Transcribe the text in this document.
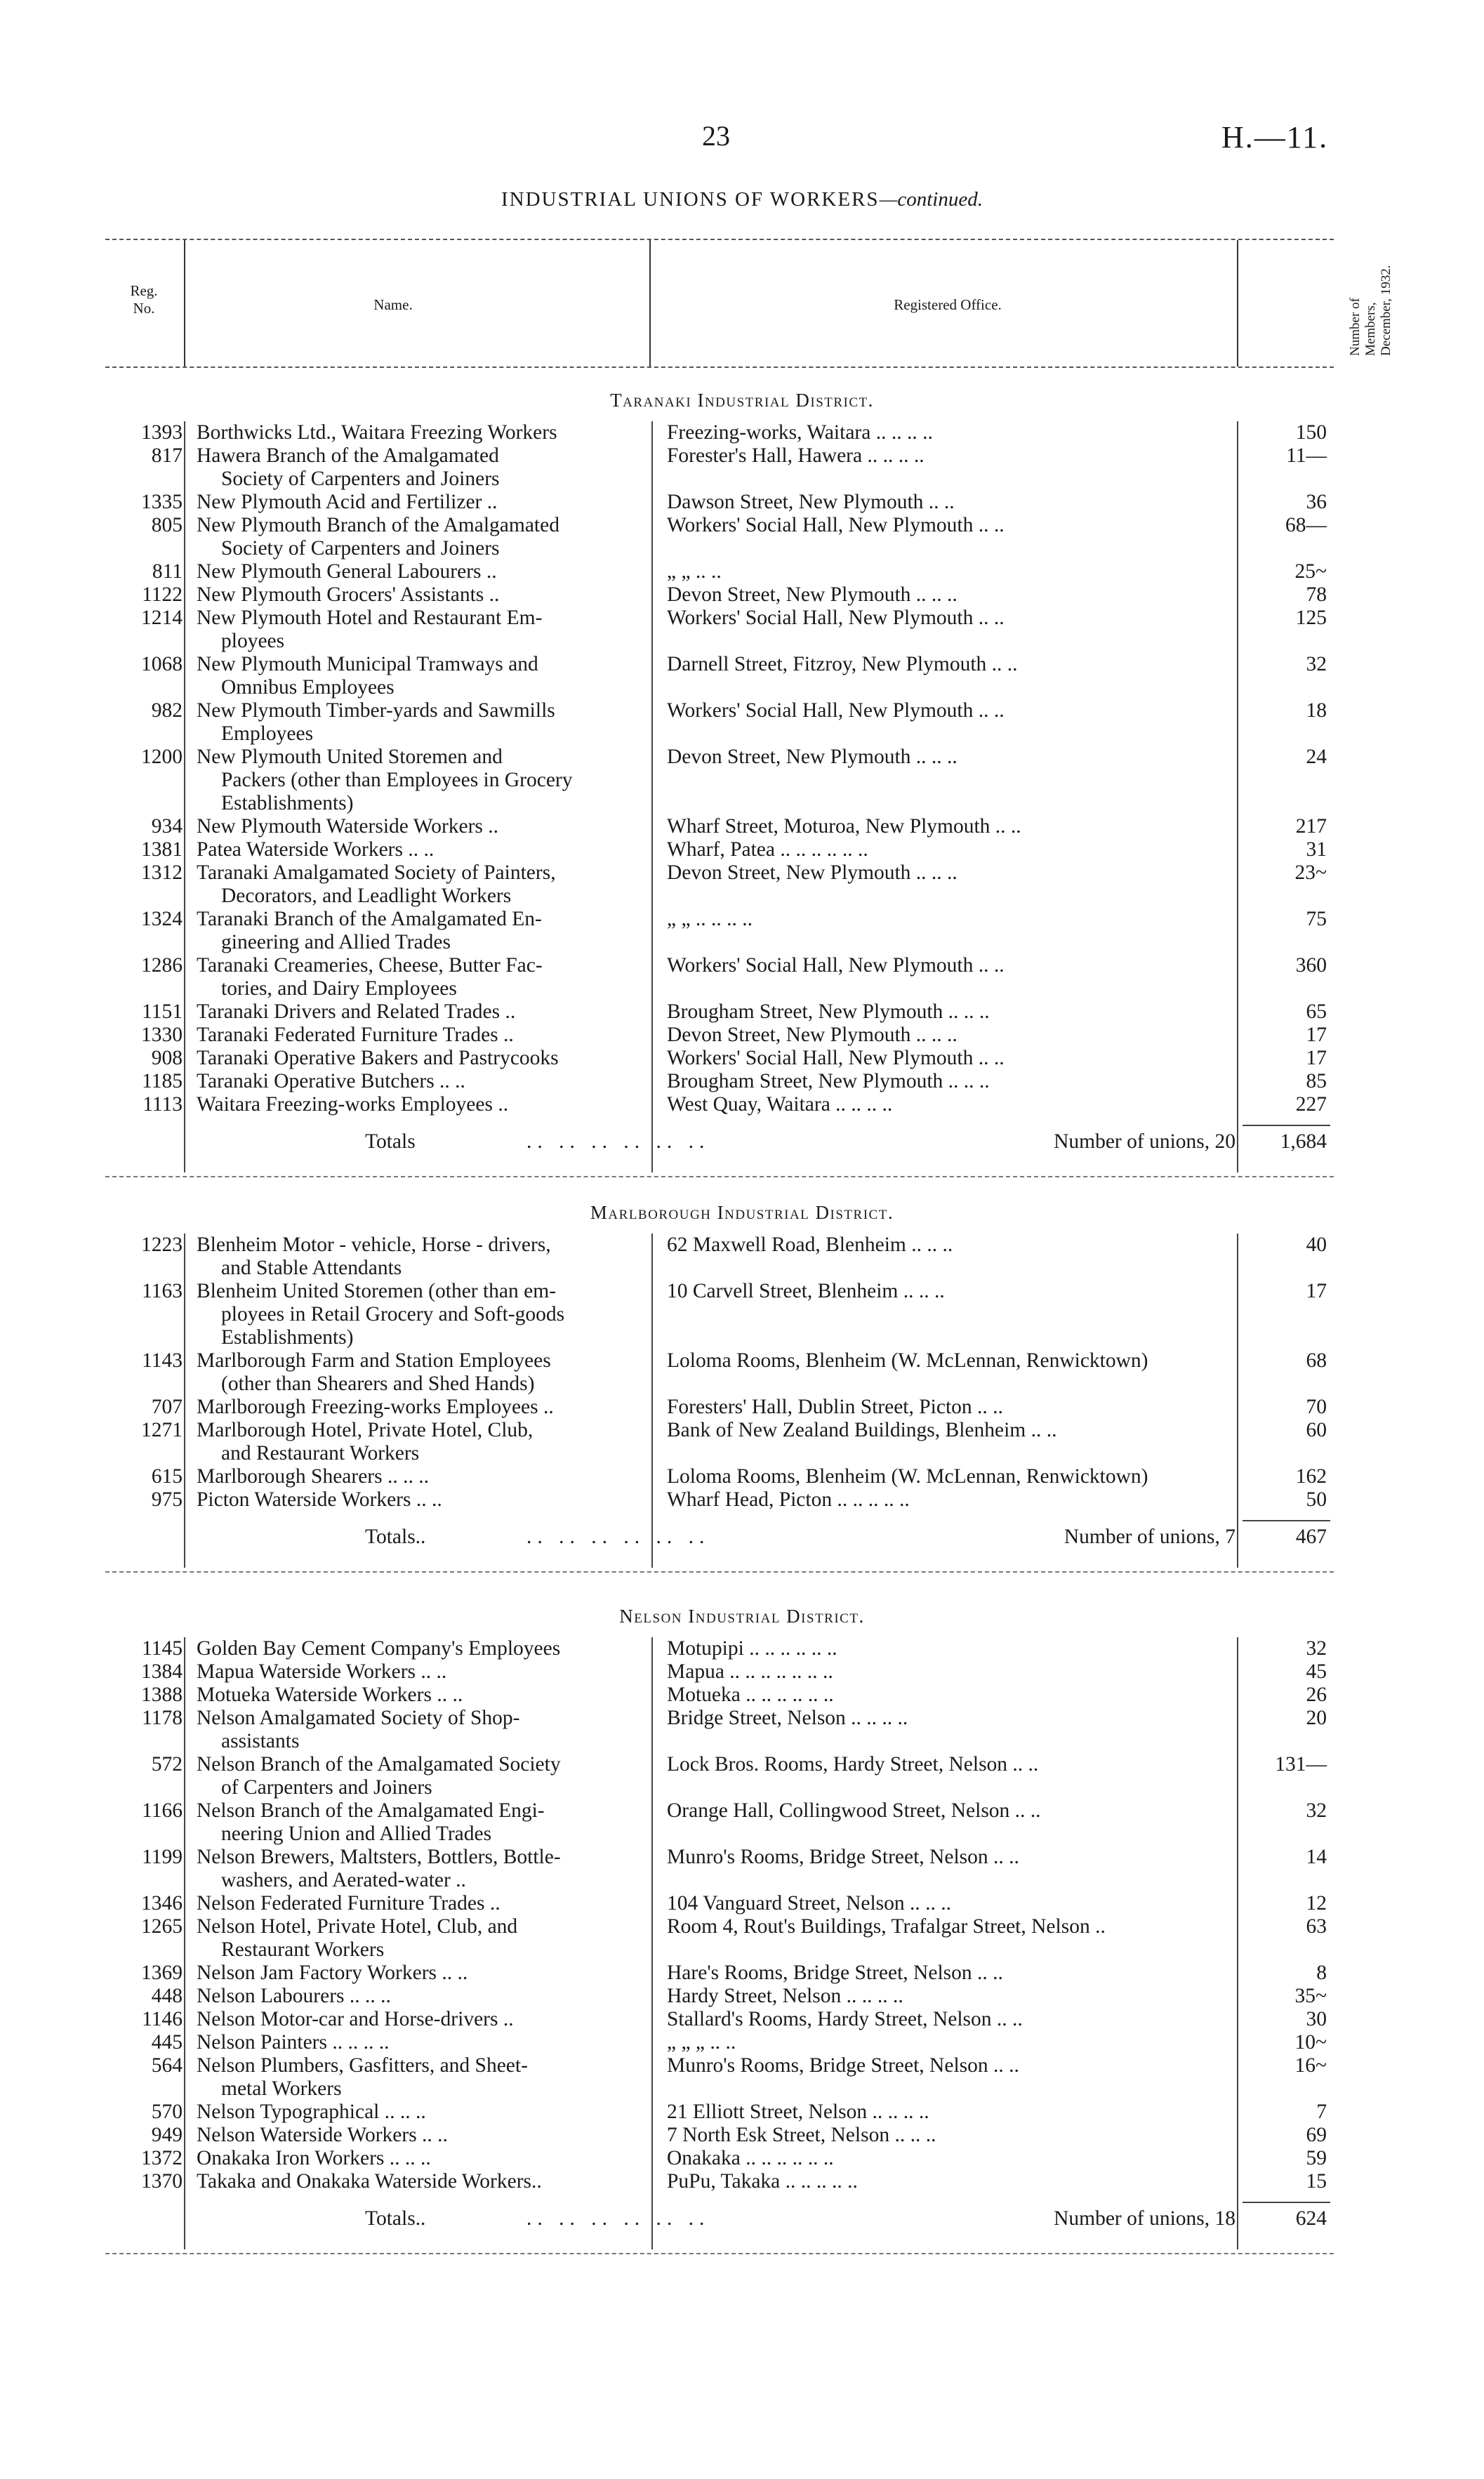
23	H.—11.
INDUSTRIAL UNIONS OF WORKERS—continued.
Reg. No.	Name.	Registered Office.	Number of Members, December, 1932.
Taranaki Industrial District.
1393 Borthwicks Ltd., Waitara Freezing Workers	Freezing-works, Waitara .. .. .. ..	150
817 Hawera Branch of the Amalgamated
Society of Carpenters and Joiners
Forester's Hall, Hawera .. .. .. ..	11—
1335 New Plymouth Acid and Fertilizer ..	Dawson Street, New Plymouth .. ..	36
805 New Plymouth Branch of the Amalgamated
Society of Carpenters and Joiners
Workers' Social Hall, New Plymouth .. ..	68—
811 New Plymouth General Labourers ..	„ „ .. ..	25~
1122 New Plymouth Grocers' Assistants ..	Devon Street, New Plymouth .. .. ..	78
1214 New Plymouth Hotel and Restaurant Em-
ployees
Workers' Social Hall, New Plymouth .. ..	125
1068 New Plymouth Municipal Tramways and
Omnibus Employees
Darnell Street, Fitzroy, New Plymouth .. ..	32
982 New Plymouth Timber-yards and Sawmills
Employees
Workers' Social Hall, New Plymouth .. ..	18
1200 New Plymouth United Storemen and
Packers (other than Employees in Grocery
Establishments)
Devon Street, New Plymouth .. .. ..	24
934 New Plymouth Waterside Workers ..	Wharf Street, Moturoa, New Plymouth .. ..	217
1381 Patea Waterside Workers .. ..	Wharf, Patea .. .. .. .. .. ..	31
1312 Taranaki Amalgamated Society of Painters,
Decorators, and Leadlight Workers
Devon Street, New Plymouth .. .. ..	23~
1324 Taranaki Branch of the Amalgamated En-
gineering and Allied Trades
„ „ .. .. .. ..	75
1286 Taranaki Creameries, Cheese, Butter Fac-
tories, and Dairy Employees
Workers' Social Hall, New Plymouth .. ..	360
1151 Taranaki Drivers and Related Trades ..	Brougham Street, New Plymouth .. .. ..	65
1330 Taranaki Federated Furniture Trades ..	Devon Street, New Plymouth .. .. ..	17
908 Taranaki Operative Bakers and Pastrycooks	Workers' Social Hall, New Plymouth .. ..	17
1185 Taranaki Operative Butchers .. ..	Brougham Street, New Plymouth .. .. ..	85
1113 Waitara Freezing-works Employees ..	West Quay, Waitara .. .. .. ..	227
Totals	.. .. .. .. .. ..	Number of unions, 20	1,684
Marlborough Industrial District.
1223 Blenheim Motor - vehicle, Horse - drivers,
and Stable Attendants
62 Maxwell Road, Blenheim .. .. ..	40
1163 Blenheim United Storemen (other than em-
ployees in Retail Grocery and Soft-goods
Establishments)
10 Carvell Street, Blenheim .. .. ..	17
1143 Marlborough Farm and Station Employees
(other than Shearers and Shed Hands)
Loloma Rooms, Blenheim (W. McLennan, Renwicktown)	68
707 Marlborough Freezing-works Employees ..	Foresters' Hall, Dublin Street, Picton .. ..	70
1271 Marlborough Hotel, Private Hotel, Club,
and Restaurant Workers
Bank of New Zealand Buildings, Blenheim .. ..	60
615 Marlborough Shearers .. .. ..	Loloma Rooms, Blenheim (W. McLennan, Renwicktown)	162
975 Picton Waterside Workers .. ..	Wharf Head, Picton .. .. .. .. ..	50
Totals..	.. .. .. .. .. ..	Number of unions, 7	467
Nelson Industrial District.
1145 Golden Bay Cement Company's Employees	Motupipi .. .. .. .. .. ..	32
1384 Mapua Waterside Workers .. ..	Mapua .. .. .. .. .. .. ..	45
1388 Motueka Waterside Workers .. ..	Motueka .. .. .. .. .. ..	26
1178 Nelson Amalgamated Society of Shop-
assistants
Bridge Street, Nelson .. .. .. ..	20
572 Nelson Branch of the Amalgamated Society
of Carpenters and Joiners
Lock Bros. Rooms, Hardy Street, Nelson .. ..	131—
1166 Nelson Branch of the Amalgamated Engi-
neering Union and Allied Trades
Orange Hall, Collingwood Street, Nelson .. ..	32
1199 Nelson Brewers, Maltsters, Bottlers, Bottle-
washers, and Aerated-water ..
Munro's Rooms, Bridge Street, Nelson .. ..	14
1346 Nelson Federated Furniture Trades ..	104 Vanguard Street, Nelson .. .. ..	12
1265 Nelson Hotel, Private Hotel, Club, and
Restaurant Workers
Room 4, Rout's Buildings, Trafalgar Street, Nelson ..	63
1369 Nelson Jam Factory Workers .. ..	Hare's Rooms, Bridge Street, Nelson .. ..	8
448 Nelson Labourers .. .. ..	Hardy Street, Nelson .. .. .. ..	35~
1146 Nelson Motor-car and Horse-drivers ..	Stallard's Rooms, Hardy Street, Nelson .. ..	30
445 Nelson Painters .. .. .. ..	„ „ „ .. ..	10~
564 Nelson Plumbers, Gasfitters, and Sheet-
metal Workers
Munro's Rooms, Bridge Street, Nelson .. ..	16~
570 Nelson Typographical .. .. ..	21 Elliott Street, Nelson .. .. .. ..	7
949 Nelson Waterside Workers .. ..	7 North Esk Street, Nelson .. .. ..	69
1372 Onakaka Iron Workers .. .. ..	Onakaka .. .. .. .. .. ..	59
1370 Takaka and Onakaka Waterside Workers..	PuPu, Takaka .. .. .. .. ..	15
Totals..	.. .. .. .. .. ..	Number of unions, 18	624
